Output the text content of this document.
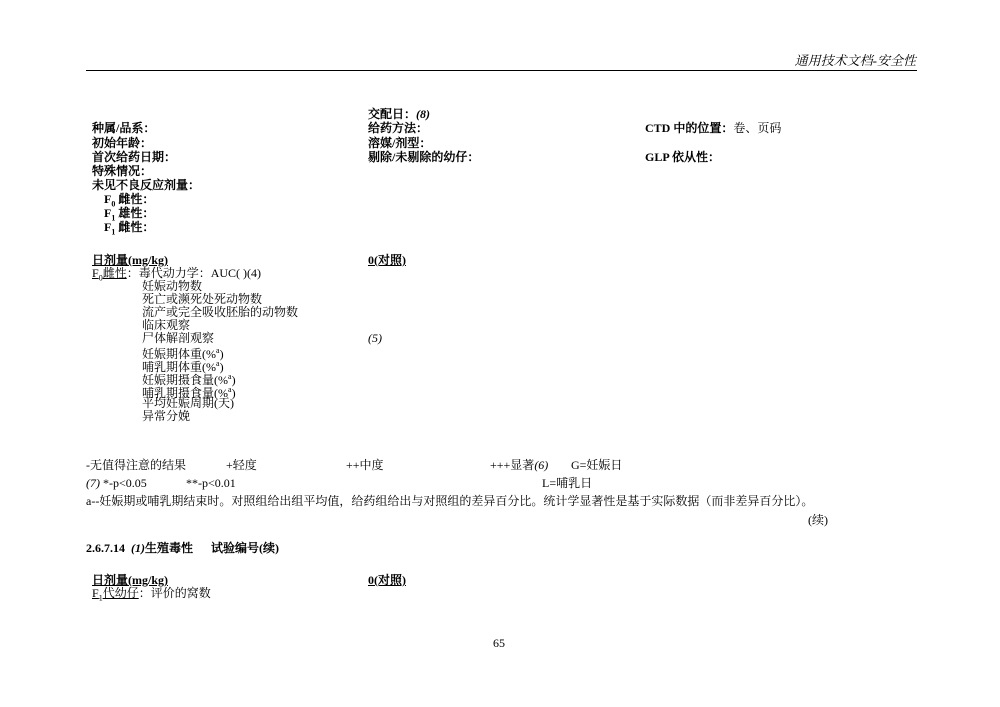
通用技术文档-安全性
交配日：(8)
种属/品系：	给药方法：	CTD 中的位置：卷、页码
初始年龄：	溶媒/剂型：
首次给药日期：	剔除/未剔除的幼仔：	GLP 依从性：
特殊情况：
未见不良反应剂量：
$F_0$ 雌性：
$F_1$ 雄性：
$F_1$ 雌性：
日剂量(mg/kg)	0(对照)
$F_0$雌性：毒代动力学：AUC( )(4)
妊娠动物数
死亡或濒死处死动物数
流产或完全吸收胚胎的动物数
临床观察
尸体解剖观察	(5)
妊娠期体重(%$^a$)
哺乳期体重(%$^a$)
妊娠期摄食量(%$^a$)
哺乳期摄食量(%$^a$)
平均妊娠周期(天)
异常分娩
-无值得注意的结果	+轻度	++中度	+++显著(6) G=妊娠日
(7) *-p<0.05	**-p<0.01	L=哺乳日
a--妊娠期或哺乳期结束时。对照组给出组平均值，给药组给出与对照组的差异百分比。统计学显著性是基于实际数据（而非差异百分比）。
(续)
2.6.7.14 (1)生殖毒性 试验编号(续)
日剂量(mg/kg)	0(对照)
$F_1$代幼仔：评价的窝数
65
